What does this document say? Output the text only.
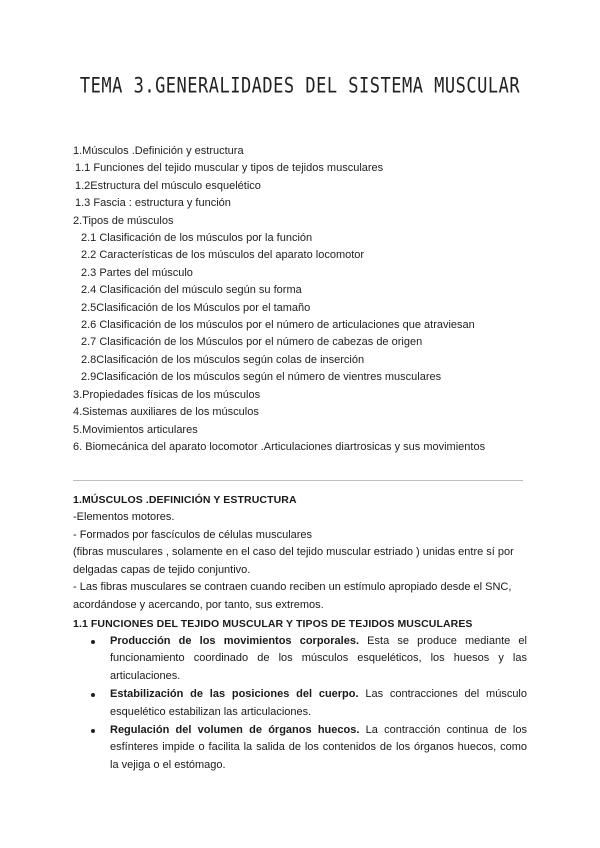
TEMA 3.GENERALIDADES DEL SISTEMA MUSCULAR
1.Músculos .Definición y estructura
1.1 Funciones del tejido muscular y tipos de tejidos musculares
1.2Estructura del músculo esquelético
1.3 Fascia : estructura y función
2.Tipos de músculos
2.1 Clasificación de los músculos por la función
2.2 Características de los músculos del aparato locomotor
2.3 Partes del músculo
2.4 Clasificación del músculo según su forma
2.5Clasificación de los Músculos por el tamaño
2.6 Clasificación de los músculos por el número de articulaciones que atraviesan
2.7 Clasificación de los Músculos por el número de cabezas de origen
2.8Clasificación de los músculos según colas de inserción
2.9Clasificación de los músculos según el número de vientres musculares
3.Propiedades físicas de los músculos
4.Sistemas auxiliares de los músculos
5.Movimientos articulares
6. Biomecánica del aparato locomotor .Articulaciones diartrosicas y sus movimientos
1.MÚSCULOS .DEFINICIÓN Y ESTRUCTURA
-Elementos motores.
- Formados por fascículos de células musculares
(fibras musculares , solamente en el caso del tejido muscular estriado ) unidas entre sí por delgadas capas de tejido conjuntivo.
- Las fibras musculares se contraen cuando reciben un estímulo apropiado desde el SNC, acordándose y acercando, por tanto, sus extremos.
1.1 FUNCIONES DEL TEJIDO MUSCULAR Y TIPOS DE TEJIDOS MUSCULARES
Producción de los movimientos corporales. Esta se produce mediante el funcionamiento coordinado de los músculos esqueléticos, los huesos y las articulaciones.
Estabilización de las posiciones del cuerpo. Las contracciones del músculo esquelético estabilizan las articulaciones.
Regulación del volumen de órganos huecos. La contracción continua de los esfínteres impide o facilita la salida de los contenidos de los órganos huecos, como la vejiga o el estómago.
